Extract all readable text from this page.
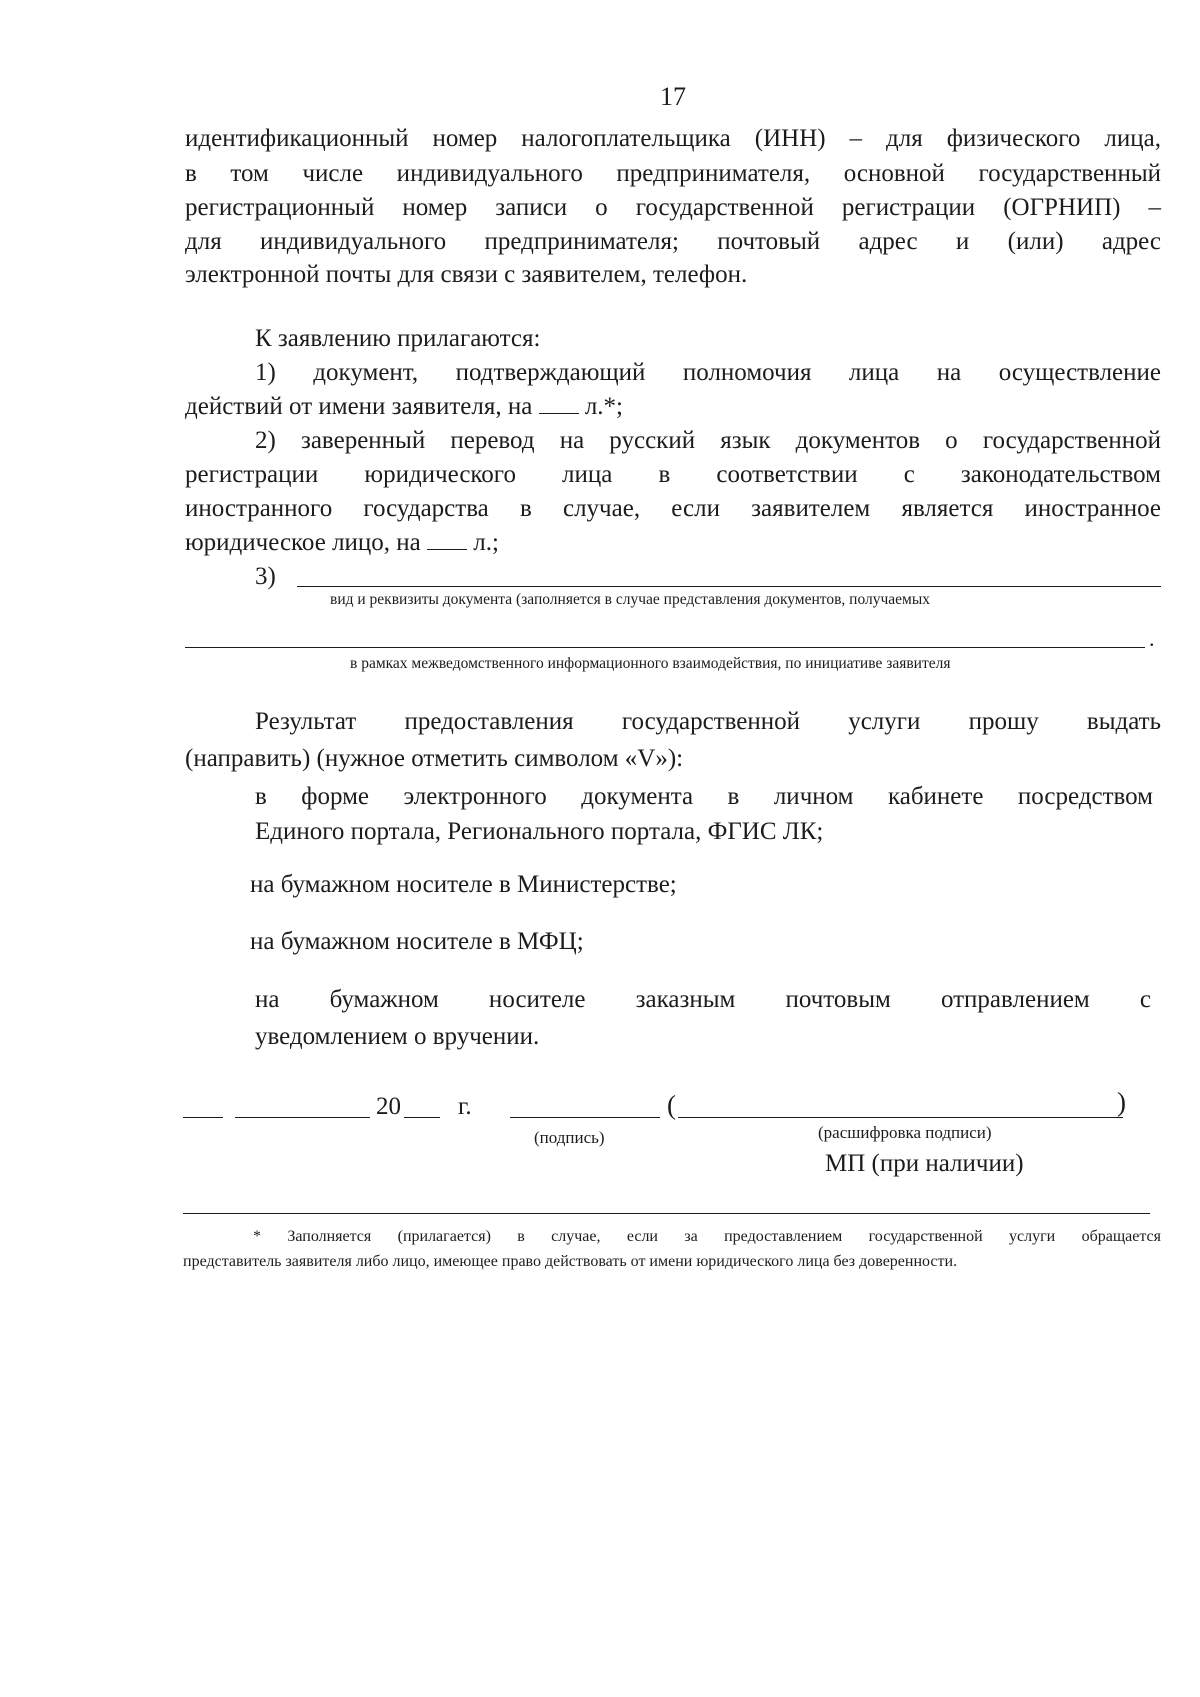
17
идентификационный номер налогоплательщика (ИНН) – для физического лица,
в том числе индивидуального предпринимателя, основной государственный
регистрационный номер записи о государственной регистрации (ОГРНИП) –
для индивидуального предпринимателя; почтовый адрес и (или) адрес
электронной почты для связи с заявителем, телефон.
К заявлению прилагаются:
1) документ, подтверждающий полномочия лица на осуществление
действий от имени заявителя, на л.*;
2) заверенный перевод на русский язык документов о государственной
регистрации юридического лица в соответствии с законодательством
иностранного государства в случае, если заявителем является иностранное
юридическое лицо, на л.;
3)
вид и реквизиты документа (заполняется в случае представления документов, получаемых
.
в рамках межведомственного информационного взаимодействия, по инициативе заявителя
Результат предоставления государственной услуги прошу выдать
(направить) (нужное отметить символом «V»):
в форме электронного документа в личном кабинете посредством
Единого портала, Регионального портала, ФГИС ЛК;
на бумажном носителе в Министерстве;
на бумажном носителе в МФЦ;
на бумажном носителе заказным почтовым отправлением с
уведомлением о вручении.
20 г.	(	)
(подпись)	(расшифровка подписи)
МП (при наличии)
* Заполняется (прилагается) в случае, если за предоставлением государственной услуги обращается
представитель заявителя либо лицо, имеющее право действовать от имени юридического лица без доверенности.
